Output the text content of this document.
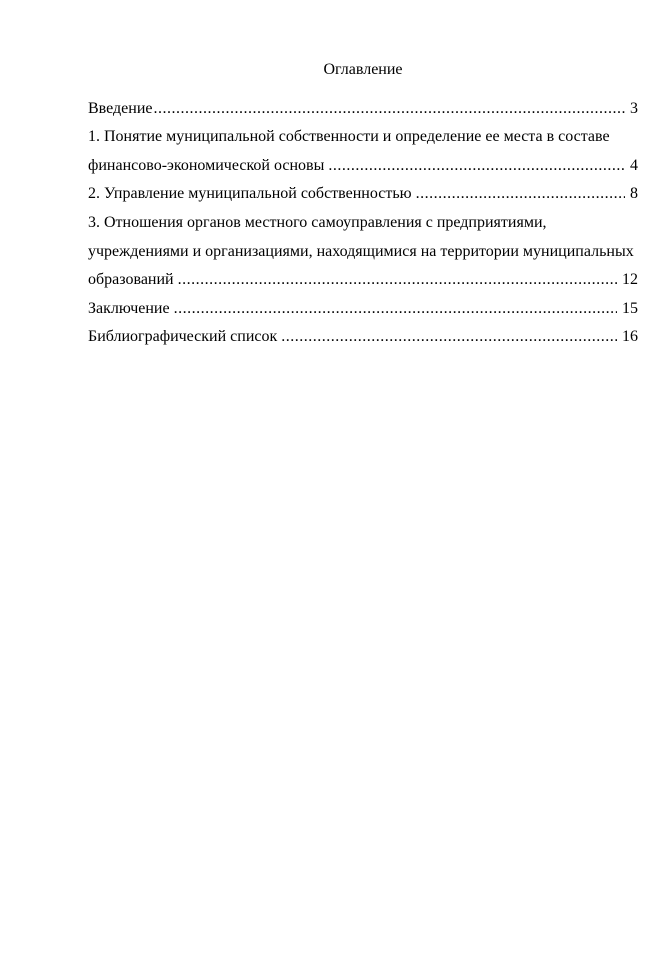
Оглавление
Введение .....	3
1. Понятие муниципальной собственности и определение ее места в составе
финансово-экономической основы .....	4
2. Управление муниципальной собственностью .....	8
3. Отношения органов местного самоуправления с предприятиями,
учреждениями и организациями, находящимися на территории муниципальных
образований .....	12
Заключение .....	15
Библиографический список .....	16
